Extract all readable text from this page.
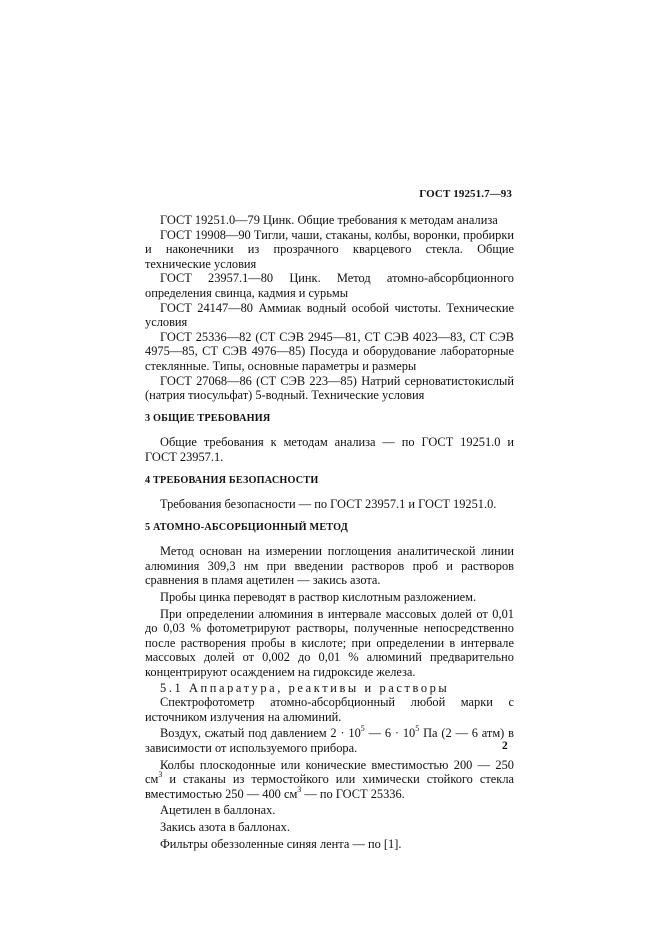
ГОСТ 19251.7—93

ГОСТ 19251.0—79 Цинк. Общие требования к методам анализа

ГОСТ 19908—90 Тигли, чаши, стаканы, колбы, воронки, пробирки и наконечники из прозрачного кварцевого стекла. Общие технические условия

ГОСТ 23957.1—80 Цинк. Метод атомно-абсорбционного определения свинца, кадмия и сурьмы

ГОСТ 24147—80 Аммиак водный особой чистоты. Технические условия

ГОСТ 25336—82 (СТ СЭВ 2945—81, СТ СЭВ 4023—83, СТ СЭВ 4975—85, СТ СЭВ 4976—85) Посуда и оборудование лабораторные стеклянные. Типы, основные параметры и размеры

ГОСТ 27068—86 (СТ СЭВ 223—85) Натрий серноватистокислый (натрия тиосульфат) 5-водный. Технические условия

3 ОБЩИЕ ТРЕБОВАНИЯ

Общие требования к методам анализа — по ГОСТ 19251.0 и ГОСТ 23957.1.

4 ТРЕБОВАНИЯ БЕЗОПАСНОСТИ

Требования безопасности — по ГОСТ 23957.1 и ГОСТ 19251.0.

5 АТОМНО-АБСОРБЦИОННЫЙ МЕТОД

Метод основан на измерении поглощения аналитической линии алюминия 309,3 нм при введении растворов проб и растворов сравнения в пламя ацетилен — закись азота.

Пробы цинка переводят в раствор кислотным разложением.

При определении алюминия в интервале массовых долей от 0,01 до 0,03 % фотометрируют растворы, полученные непосредственно после растворения пробы в кислоте; при определении в интервале массовых долей от 0,002 до 0,01 % алюминий предварительно концентрируют осаждением на гидроксиде железа.

5.1 Аппаратура, реактивы и растворы

Спектрофотометр атомно-абсорбционный любой марки с источником излучения на алюминий.

Воздух, сжатый под давлением $2 \cdot 10^5$ — $6 \cdot 10^5$ Па (2 — 6 атм) в зависимости от используемого прибора.

Колбы плоскодонные или конические вместимостью 200 — 250 $см^3$ и стаканы из термостойкого или химически стойкого стекла вместимостью 250 — 400 $см^3$ — по ГОСТ 25336.

Ацетилен в баллонах.

Закись азота в баллонах.

Фильтры обеззоленные синяя лента — по [1].

2
